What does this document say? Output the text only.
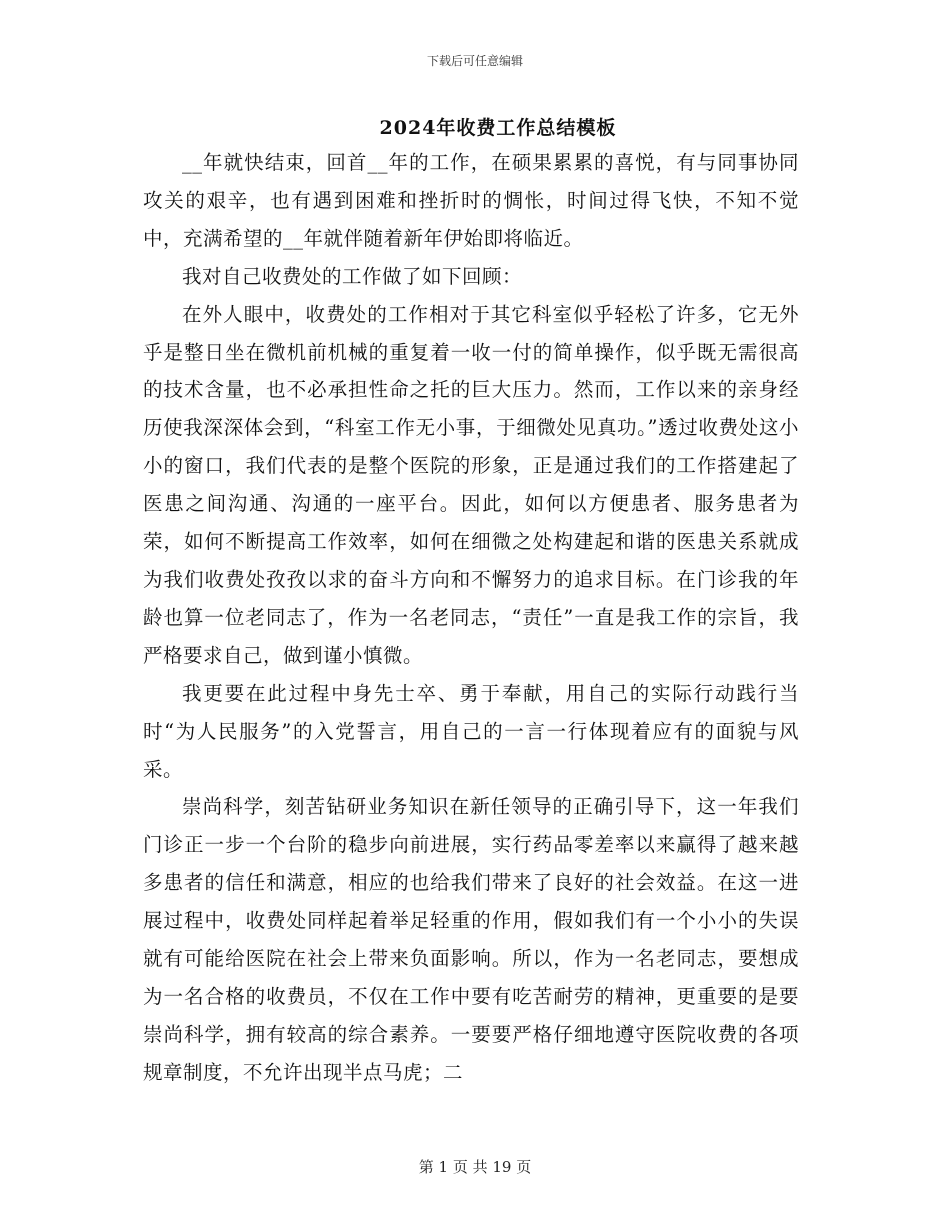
下载后可任意编辑
2024年收费工作总结模板

__年就快结束，回首__年的工作，在硕果累累的喜悦，有与同事协同攻关的艰辛，也有遇到困难和挫折时的惆怅，时间过得飞快，不知不觉中，充满希望的__年就伴随着新年伊始即将临近。

我对自己收费处的工作做了如下回顾：

在外人眼中，收费处的工作相对于其它科室似乎轻松了许多，它无外乎是整日坐在微机前机械的重复着一收一付的简单操作，似乎既无需很高的技术含量，也不必承担性命之托的巨大压力。然而，工作以来的亲身经历使我深深体会到，“科室工作无小事，于细微处见真功。”透过收费处这小小的窗口，我们代表的是整个医院的形象，正是通过我们的工作搭建起了医患之间沟通、沟通的一座平台。因此，如何以方便患者、服务患者为荣，如何不断提高工作效率，如何在细微之处构建起和谐的医患关系就成为我们收费处孜孜以求的奋斗方向和不懈努力的追求目标。在门诊我的年龄也算一位老同志了，作为一名老同志，“责任”一直是我工作的宗旨，我严格要求自己，做到谨小慎微。

我更要在此过程中身先士卒、勇于奉献，用自己的实际行动践行当时“为人民服务”的入党誓言，用自己的一言一行体现着应有的面貌与风采。

崇尚科学，刻苦钻研业务知识在新任领导的正确引导下，这一年我们门诊正一步一个台阶的稳步向前进展，实行药品零差率以来赢得了越来越多患者的信任和满意，相应的也给我们带来了良好的社会效益。在这一进展过程中，收费处同样起着举足轻重的作用，假如我们有一个小小的失误就有可能给医院在社会上带来负面影响。所以，作为一名老同志，要想成为一名合格的收费员，不仅在工作中要有吃苦耐劳的精神，更重要的是要崇尚科学，拥有较高的综合素养。一要要严格仔细地遵守医院收费的各项规章制度，不允许出现半点马虎；二

第 1 页 共 19 页
